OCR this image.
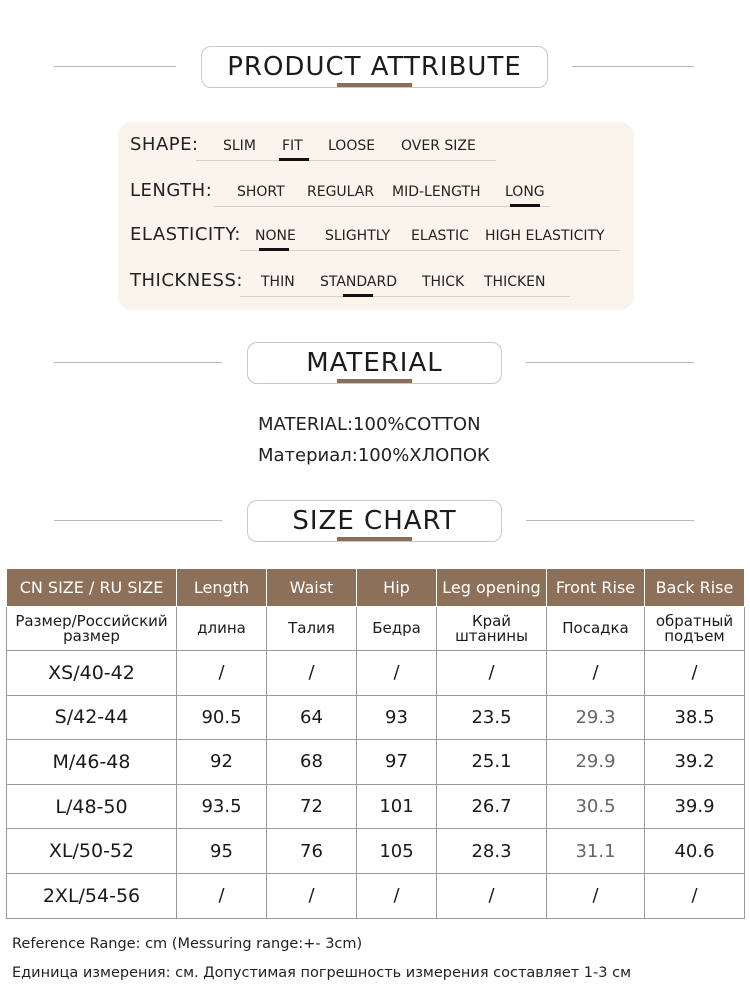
PRODUCT ATTRIBUTE
SHAPE: SLIM FIT LOOSE OVER SIZE
LENGTH: SHORT REGULAR MID-LENGTH LONG
ELASTICITY: NONE SLIGHTLY ELASTIC HIGH ELASTICITY
THICKNESS: THIN STANDARD THICK THICKEN
MATERIAL
MATERIAL:100%COTTON
Материал:100%ХЛОПОК
SIZE CHART
CN SIZE / RU SIZE	Length	Waist	Hip	Leg opening	Front Rise	Back Rise
Размер/Российский размер	длина	Талия	Бедра	Край штанины	Посадка	обратный подъем
XS/40-42	/	/	/	/	/	/
S/42-44	90.5	64	93	23.5	29.3	38.5
M/46-48	92	68	97	25.1	29.9	39.2
L/48-50	93.5	72	101	26.7	30.5	39.9
XL/50-52	95	76	105	28.3	31.1	40.6
2XL/54-56	/	/	/	/	/	/
Reference Range: cm (Messuring range:+- 3cm)
Единица измерения: см. Допустимая погрешность измерения составляет 1-3 см
